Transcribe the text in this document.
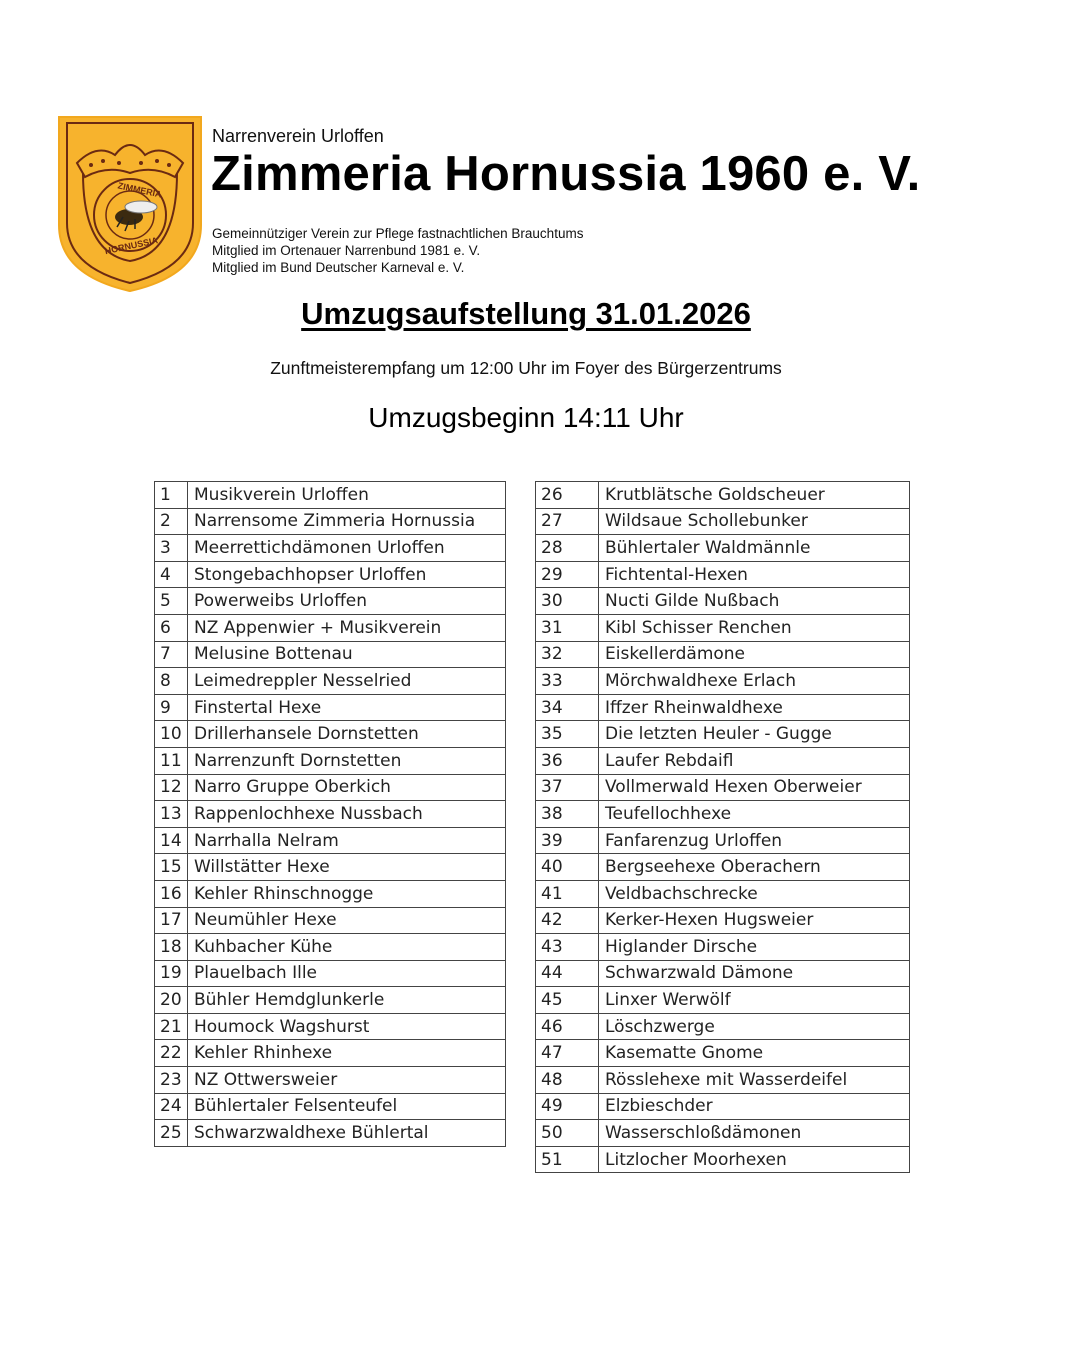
ZIMMERIA
HORNUSSIA
Narrenverein Urloffen
Zimmeria Hornussia 1960 e. V.
Gemeinnütziger Verein zur Pflege fastnachtlichen Brauchtums
Mitglied im Ortenauer Narrenbund 1981 e. V.
Mitglied im Bund Deutscher Karneval e. V.
Umzugsaufstellung 31.01.2026
Zunftmeisterempfang um 12:00 Uhr im Foyer des Bürgerzentrums
Umzugsbeginn 14:11 Uhr
1	Musikverein Urloffen
2	Narrensome Zimmeria Hornussia
3	Meerrettichdämonen Urloffen
4	Stongebachhopser Urloffen
5	Powerweibs Urloffen
6	NZ Appenwier + Musikverein
7	Melusine Bottenau
8	Leimedreppler Nesselried
9	Finstertal Hexe
10	Drillerhansele Dornstetten
11	Narrenzunft Dornstetten
12	Narro Gruppe Oberkich
13	Rappenlochhexe Nussbach
14	Narrhalla Nelram
15	Willstätter Hexe
16	Kehler Rhinschnogge
17	Neumühler Hexe
18	Kuhbacher Kühe
19	Plauelbach Ille
20	Bühler Hemdglunkerle
21	Houmock Wagshurst
22	Kehler Rhinhexe
23	NZ Ottwersweier
24	Bühlertaler Felsenteufel
25	Schwarzwaldhexe Bühlertal
26	Krutblätsche Goldscheuer
27	Wildsaue Schollebunker
28	Bühlertaler Waldmännle
29	Fichtental-Hexen
30	Nucti Gilde Nußbach
31	Kibl Schisser Renchen
32	Eiskellerdämone
33	Mörchwaldhexe Erlach
34	Iffzer Rheinwaldhexe
35	Die letzten Heuler - Gugge
36	Laufer Rebdaifl
37	Vollmerwald Hexen Oberweier
38	Teufellochhexe
39	Fanfarenzug Urloffen
40	Bergseehexe Oberachern
41	Veldbachschrecke
42	Kerker-Hexen Hugsweier
43	Higlander Dirsche
44	Schwarzwald Dämone
45	Linxer Werwölf
46	Löschzwerge
47	Kasematte Gnome
48	Rösslehexe mit Wasserdeifel
49	Elzbieschder
50	Wasserschloßdämonen
51	Litzlocher Moorhexen
